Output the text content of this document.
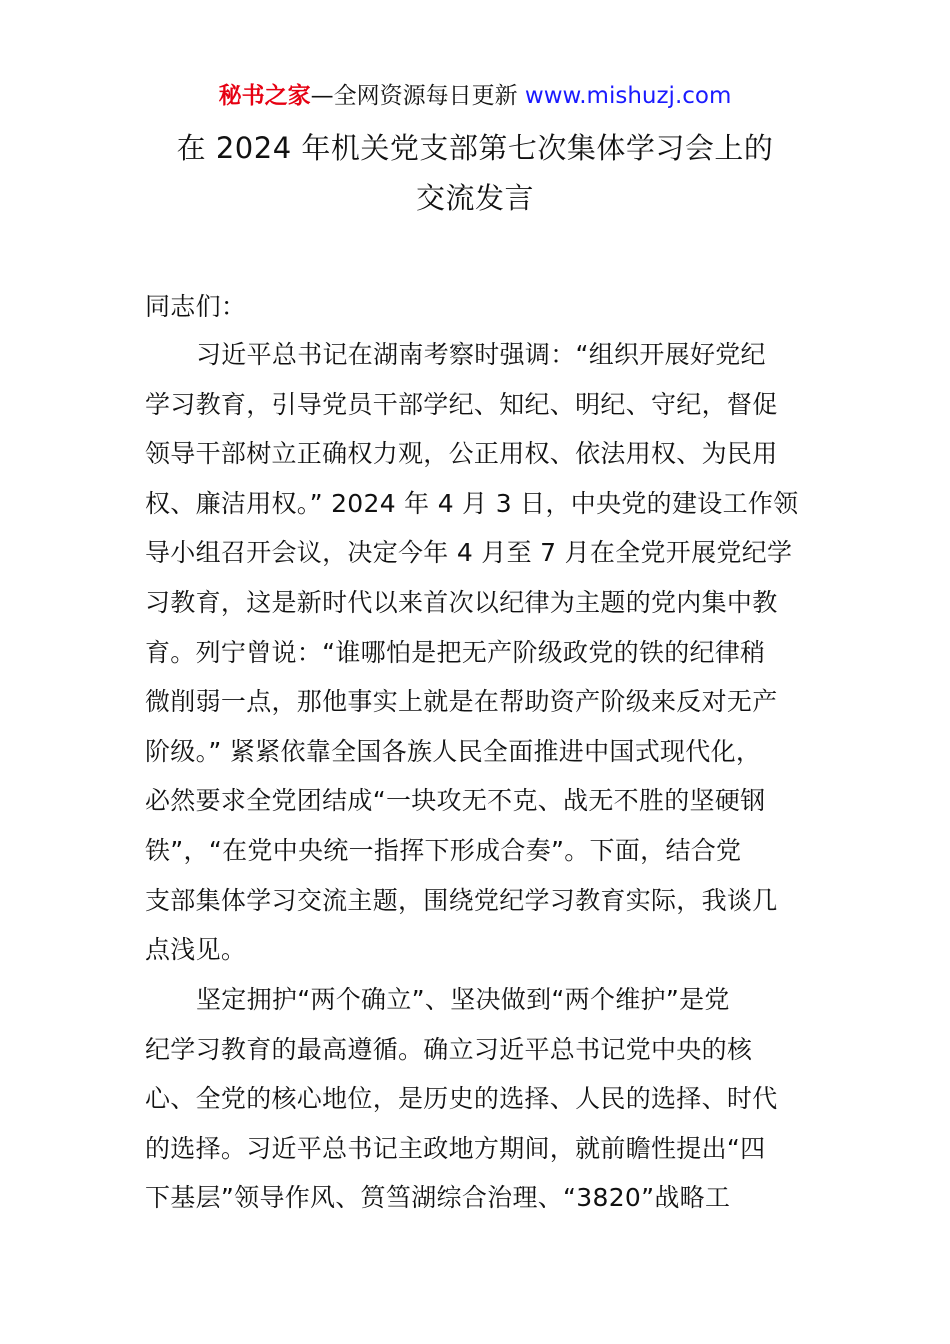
秘书之家—全网资源每日更新 www.mishuzj.com
在 2024 年机关党支部第七次集体学习会上的
交流发言
同志们：
习近平总书记在湖南考察时强调：“组织开展好党纪
学习教育，引导党员干部学纪、知纪、明纪、守纪，督促
领导干部树立正确权力观，公正用权、依法用权、为民用
权、廉洁用权。” 2024 年 4 月 3 日，中央党的建设工作领
导小组召开会议，决定今年 4 月至 7 月在全党开展党纪学
习教育，这是新时代以来首次以纪律为主题的党内集中教
育。列宁曾说：“谁哪怕是把无产阶级政党的铁的纪律稍
微削弱一点，那他事实上就是在帮助资产阶级来反对无产
阶级。” 紧紧依靠全国各族人民全面推进中国式现代化，
必然要求全党团结成“一块攻无不克、战无不胜的坚硬钢
铁”，“在党中央统一指挥下形成合奏”。下面，结合党
支部集体学习交流主题，围绕党纪学习教育实际，我谈几
点浅见。
坚定拥护“两个确立”、坚决做到“两个维护”是党
纪学习教育的最高遵循。确立习近平总书记党中央的核
心、全党的核心地位，是历史的选择、人民的选择、时代
的选择。习近平总书记主政地方期间，就前瞻性提出“四
下基层”领导作风、筼筜湖综合治理、“3820”战略工
